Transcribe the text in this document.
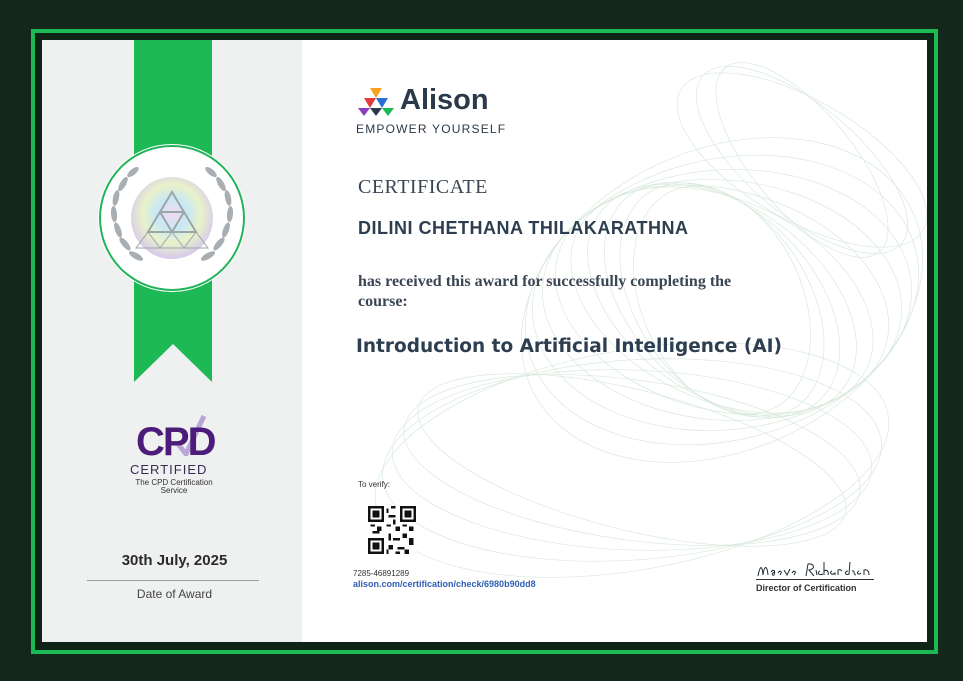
CPD
CERTIFIED
The CPD Certification Service
30th July, 2025
Date of Award
Alison
EMPOWER YOURSELF
CERTIFICATE
DILINI CHETHANA THILAKARATHNA
has received this award for successfully completing the course:
Introduction to Artificial Intelligence (AI)
To verify:
7285-46891289
alison.com/certification/check/6980b90dd8	Director of Certification
